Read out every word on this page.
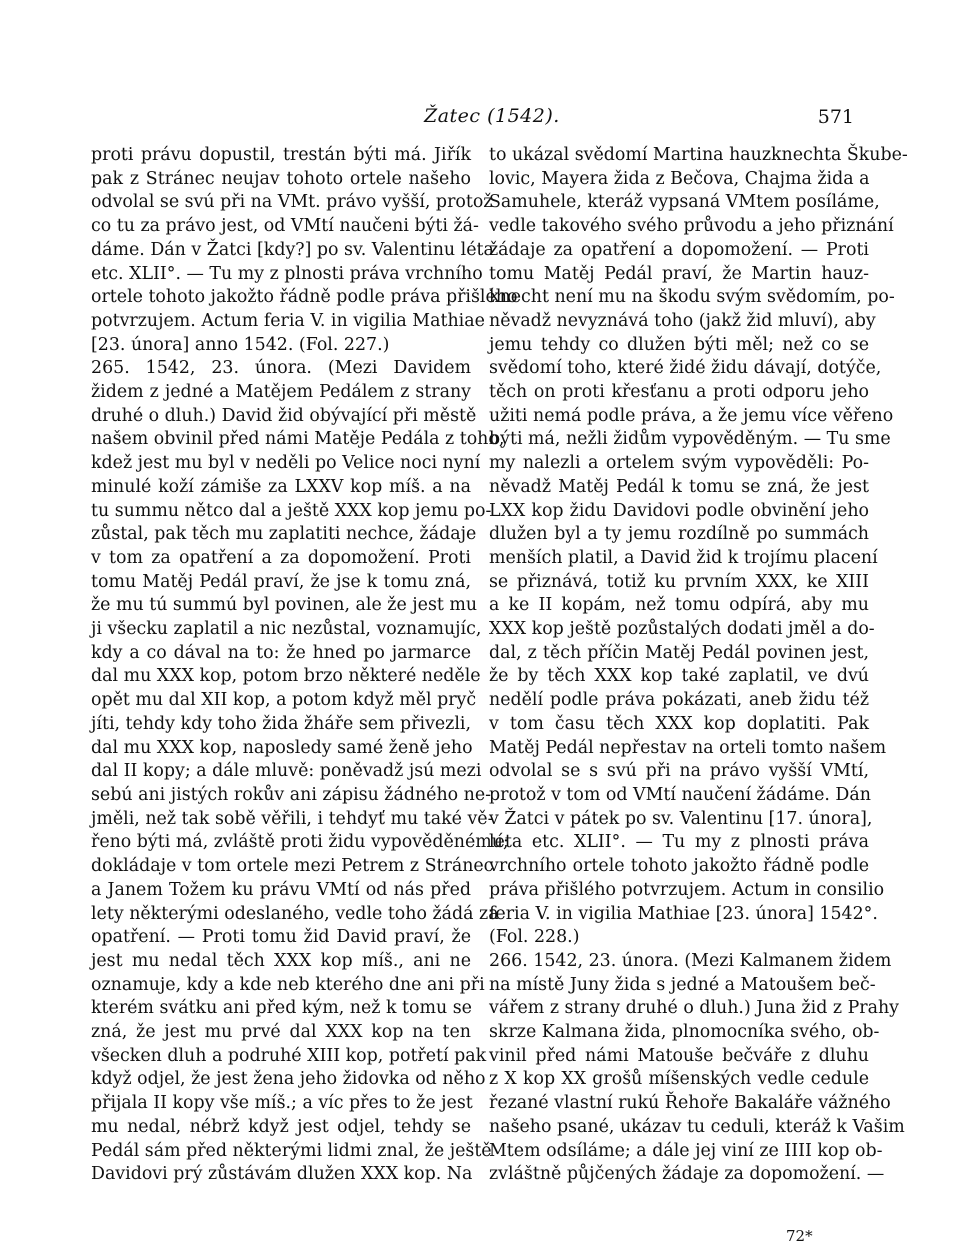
Žatec (1542).	571
proti právu dopustil, trestán býti má. Jiřík
pak z Stránec neujav tohoto ortele našeho
odvolal se svú při na VMt. právo vyšší, protož
co tu za právo jest, od VMtí naučeni býti žá-
dáme. Dán v Žatci [kdy?] po sv. Valentinu léta
etc. XLII°. — Tu my z plnosti práva vrchního
ortele tohoto jakožto řádně podle práva přišlého
potvrzujem. Actum feria V. in vigilia Mathiae
[23. února] anno 1542. (Fol. 227.)
265. 1542, 23. února. (Mezi Davidem
židem z jedné a Matějem Pedálem z strany
druhé o dluh.) David žid obývající při městě
našem obvinil před námi Matěje Pedála z toho,
kdež jest mu byl v neděli po Velice noci nyní
minulé koží zámiše za LXXV kop míš. a na
tu summu nětco dal a ještě XXX kop jemu po-
zůstal, pak těch mu zaplatiti nechce, žádaje
v tom za opatření a za dopomožení. Proti
tomu Matěj Pedál praví, že jse k tomu zná,
že mu tú summú byl povinen, ale že jest mu
ji všecku zaplatil a nic nezůstal, voznamujíc,
kdy a co dával na to: že hned po jarmarce
dal mu XXX kop, potom brzo některé neděle
opět mu dal XII kop, a potom když měl pryč
jíti, tehdy kdy toho žida žháře sem přivezli,
dal mu XXX kop, naposledy samé ženě jeho
dal II kopy; a dále mluvě: poněvadž jsú mezi
sebú ani jistých rokův ani zápisu žádného ne-
jměli, než tak sobě věřili, i tehdyť mu také vě-
řeno býti má, zvláště proti židu vypověděnému;
dokládaje v tom ortele mezi Petrem z Stránec
a Janem Tožem ku právu VMtí od nás před
lety některými odeslaného, vedle toho žádá za
opatření. — Proti tomu žid David praví, že
jest mu nedal těch XXX kop míš., ani ne
oznamuje, kdy a kde neb kterého dne ani při
kterém svátku ani před kým, než k tomu se
zná, že jest mu prvé dal XXX kop na ten
všecken dluh a podruhé XIII kop, potřetí pak
když odjel, že jest žena jeho židovka od něho
přijala II kopy vše míš.; a víc přes to že jest
mu nedal, nébrž když jest odjel, tehdy se
Pedál sám před některými lidmi znal, že ještě
Davidovi prý zůstávám dlužen XXX kop. Na
to ukázal svědomí Martina hauzknechta Škube-
lovic, Mayera žida z Bečova, Chajma žida a
Samuhele, kteráž vypsaná VMtem posíláme,
vedle takového svého průvodu a jeho přiznání
žádaje za opatření a dopomožení. — Proti
tomu Matěj Pedál praví, že Martin hauz-
knecht není mu na škodu svým svědomím, po-
něvadž nevyznává toho (jakž žid mluví), aby
jemu tehdy co dlužen býti měl; než co se
svědomí toho, které židé židu dávají, dotýče,
těch on proti křesťanu a proti odporu jeho
užiti nemá podle práva, a že jemu více věřeno
býti má, nežli židům vypověděným. — Tu sme
my nalezli a ortelem svým vypověděli: Po-
něvadž Matěj Pedál k tomu se zná, že jest
LXX kop židu Davidovi podle obvinění jeho
dlužen byl a ty jemu rozdílně po summách
menších platil, a David žid k trojímu placení
se přiznává, totiž ku prvním XXX, ke XIII
a ke II kopám, než tomu odpírá, aby mu
XXX kop ještě pozůstalých dodati jměl a do-
dal, z těch příčin Matěj Pedál povinen jest,
že by těch XXX kop také zaplatil, ve dvú
nedělí podle práva pokázati, aneb židu též
v tom času těch XXX kop doplatiti. Pak
Matěj Pedál nepřestav na orteli tomto našem
odvolal se s svú při na právo vyšší VMtí,
protož v tom od VMtí naučení žádáme. Dán
v Žatci v pátek po sv. Valentinu [17. února],
léta etc. XLII°. — Tu my z plnosti práva
vrchního ortele tohoto jakožto řádně podle
práva přišlého potvrzujem. Actum in consilio
feria V. in vigilia Mathiae [23. února] 1542°.
(Fol. 228.)
266. 1542, 23. února. (Mezi Kalmanem židem
na místě Juny žida s jedné a Matoušem beč-
vářem z strany druhé o dluh.) Juna žid z Prahy
skrze Kalmana žida, plnomocníka svého, ob-
vinil před námi Matouše bečváře z dluhu
z X kop XX grošů míšenských vedle cedule
řezané vlastní rukú Řehoře Bakaláře vážného
našeho psané, ukázav tu ceduli, kteráž k Vašim
Mtem odsíláme; a dále jej viní ze IIII kop ob-
zvláštně půjčených žádaje za dopomožení. —
72*
